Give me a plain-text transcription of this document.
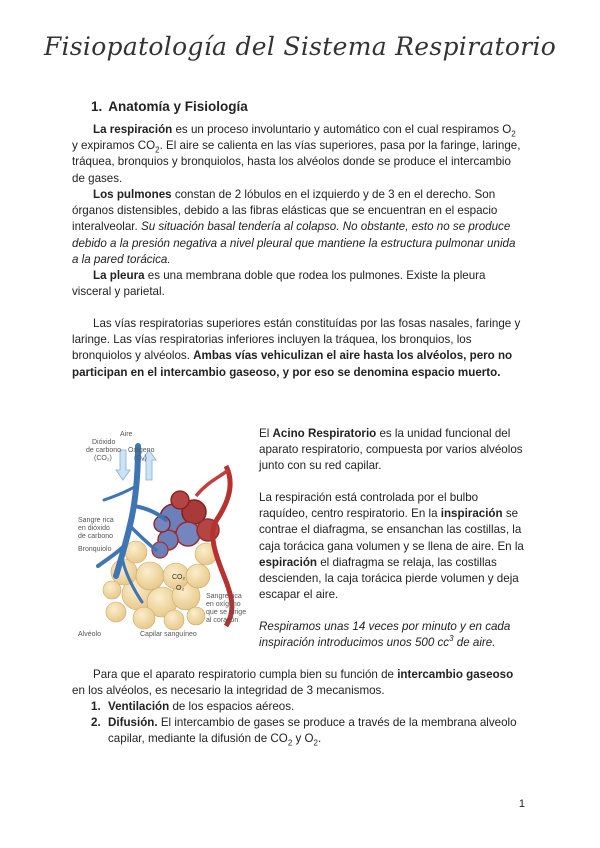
Fisiopatología del Sistema Respiratorio
1. Anatomía y Fisiología

La respiración es un proceso involuntario y automático con el cual respiramos $O_2$ y expiramos $CO_2$. El aire se calienta en las vías superiores, pasa por la faringe, laringe, tráquea, bronquios y bronquiolos, hasta los alvéolos donde se produce el intercambio de gases.

Los pulmones constan de 2 lóbulos en el izquierdo y de 3 en el derecho. Son órganos distensibles, debido a las fibras elásticas que se encuentran en el espacio interalveolar. Su situación basal tendería al colapso. No obstante, esto no se produce debido a la presión negativa a nivel pleural que mantiene la estructura pulmonar unida a la pared torácica.

La pleura es una membrana doble que rodea los pulmones. Existe la pleura visceral y parietal.

Las vías respiratorias superiores están constituídas por las fosas nasales, faringe y laringe. Las vías respiratorias inferiores incluyen la tráquea, los bronquios, los bronquiolos y alvéolos. Ambas vías vehiculizan el aire hasta los alvéolos, pero no participan en el intercambio gaseoso, y por eso se denomina espacio muerto.

Aire
Dióxido
de carbono
(CO₂)
Oxígeno
(O₂)
Sangre rica
en dióxido
de carbono
Bronquiolo
CO₂
O₂
Sangre rica
en oxígeno
que se dirige
al corazón
Alvéolo	Capilar sanguíneo

El Acino Respiratorio es la unidad funcional del aparato respiratorio, compuesta por varios alvéolos junto con su red capilar.

La respiración está controlada por el bulbo raquídeo, centro respiratorio. En la inspiración se contrae el diafragma, se ensanchan las costillas, la caja torácica gana volumen y se llena de aire. En la espiración el diafragma se relaja, las costillas descienden, la caja torácica pierde volumen y deja escapar el aire.

Respiramos unas 14 veces por minuto y en cada inspiración introducimos unos 500 $cc^3$ de aire.

Para que el aparato respiratorio cumpla bien su función de intercambio gaseoso en los alvéolos, es necesario la integridad de 3 mecanismos.

1. Ventilación de los espacios aéreos.
2. Difusión. El intercambio de gases se produce a través de la membrana alveolo capilar, mediante la difusión de $CO_2$ y $O_2$.
1
